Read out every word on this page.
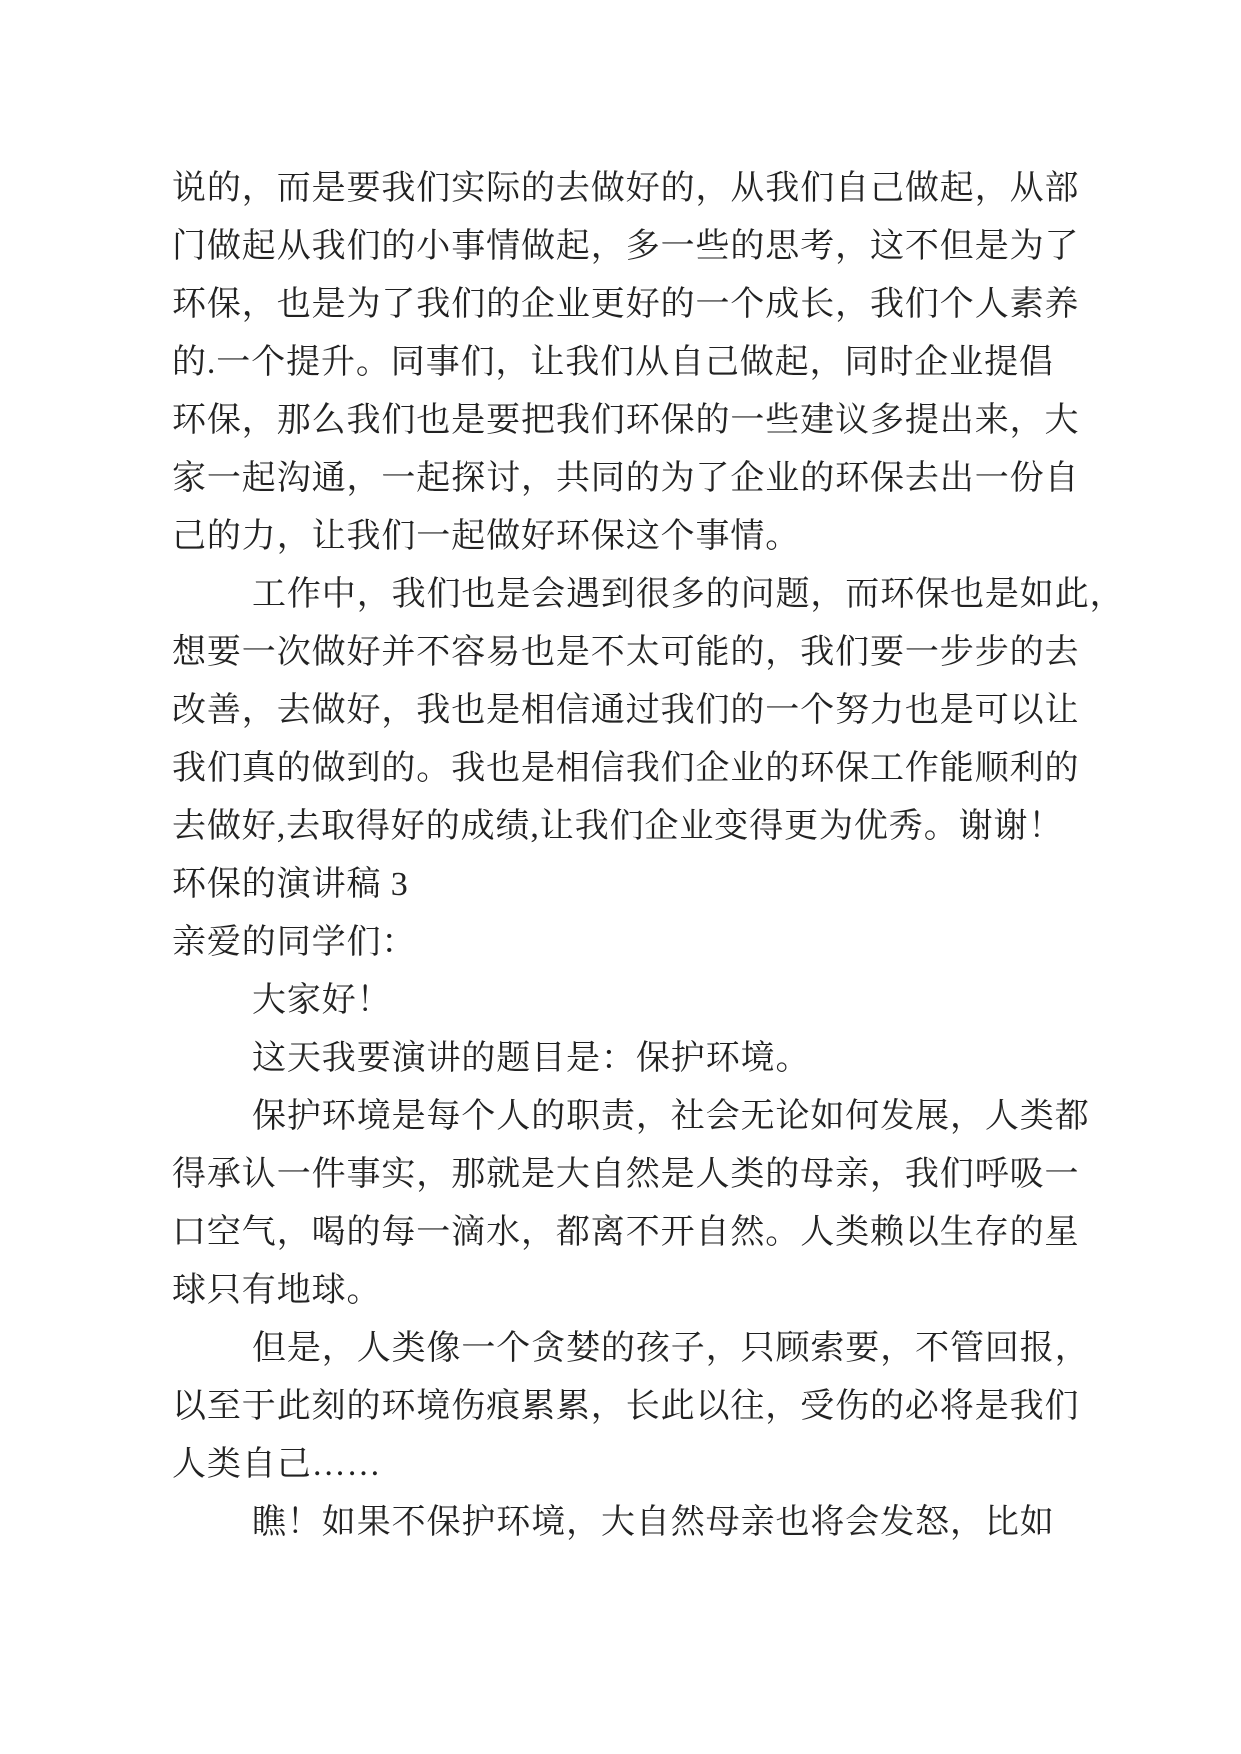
说的，而是要我们实际的去做好的，从我们自己做起，从部
门做起从我们的小事情做起，多一些的思考，这不但是为了
环保，也是为了我们的企业更好的一个成长，我们个人素养
的.一个提升。同事们，让我们从自己做起，同时企业提倡
环保，那么我们也是要把我们环保的一些建议多提出来，大
家一起沟通，一起探讨，共同的为了企业的环保去出一份自
己的力，让我们一起做好环保这个事情。
工作中，我们也是会遇到很多的问题，而环保也是如此，
想要一次做好并不容易也是不太可能的，我们要一步步的去
改善，去做好，我也是相信通过我们的一个努力也是可以让
我们真的做到的。我也是相信我们企业的环保工作能顺利的
去做好,去取得好的成绩,让我们企业变得更为优秀。谢谢！
环保的演讲稿 3
亲爱的同学们：
大家好！
这天我要演讲的题目是：保护环境。
保护环境是每个人的职责，社会无论如何发展，人类都
得承认一件事实，那就是大自然是人类的母亲，我们呼吸一
口空气，喝的每一滴水，都离不开自然。人类赖以生存的星
球只有地球。
但是，人类像一个贪婪的孩子，只顾索要，不管回报，
以至于此刻的环境伤痕累累，长此以往，受伤的必将是我们
人类自己……
瞧！如果不保护环境，大自然母亲也将会发怒，比如
